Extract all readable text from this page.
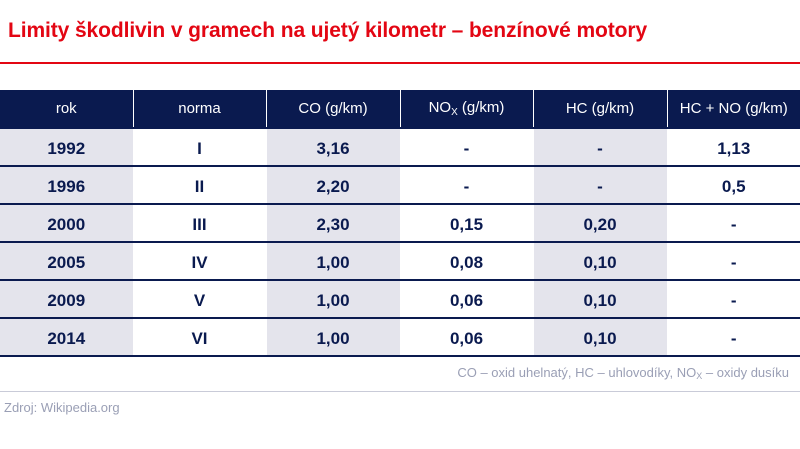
Limity škodlivin v gramech na ujetý kilometr – benzínové motory
rok	norma	CO (g/km)	$NO_X$ (g/km)	HC (g/km)	HC + NO (g/km)
1992	I	3,16	-	-	1,13
1996	II	2,20	-	-	0,5
2000	III	2,30	0,15	0,20	-
2005	IV	1,00	0,08	0,10	-
2009	V	1,00	0,06	0,10	-
2014	VI	1,00	0,06	0,10	-
CO – oxid uhelnatý, HC – uhlovodíky, $NO_X$ – oxidy dusíku
Zdroj: Wikipedia.org
